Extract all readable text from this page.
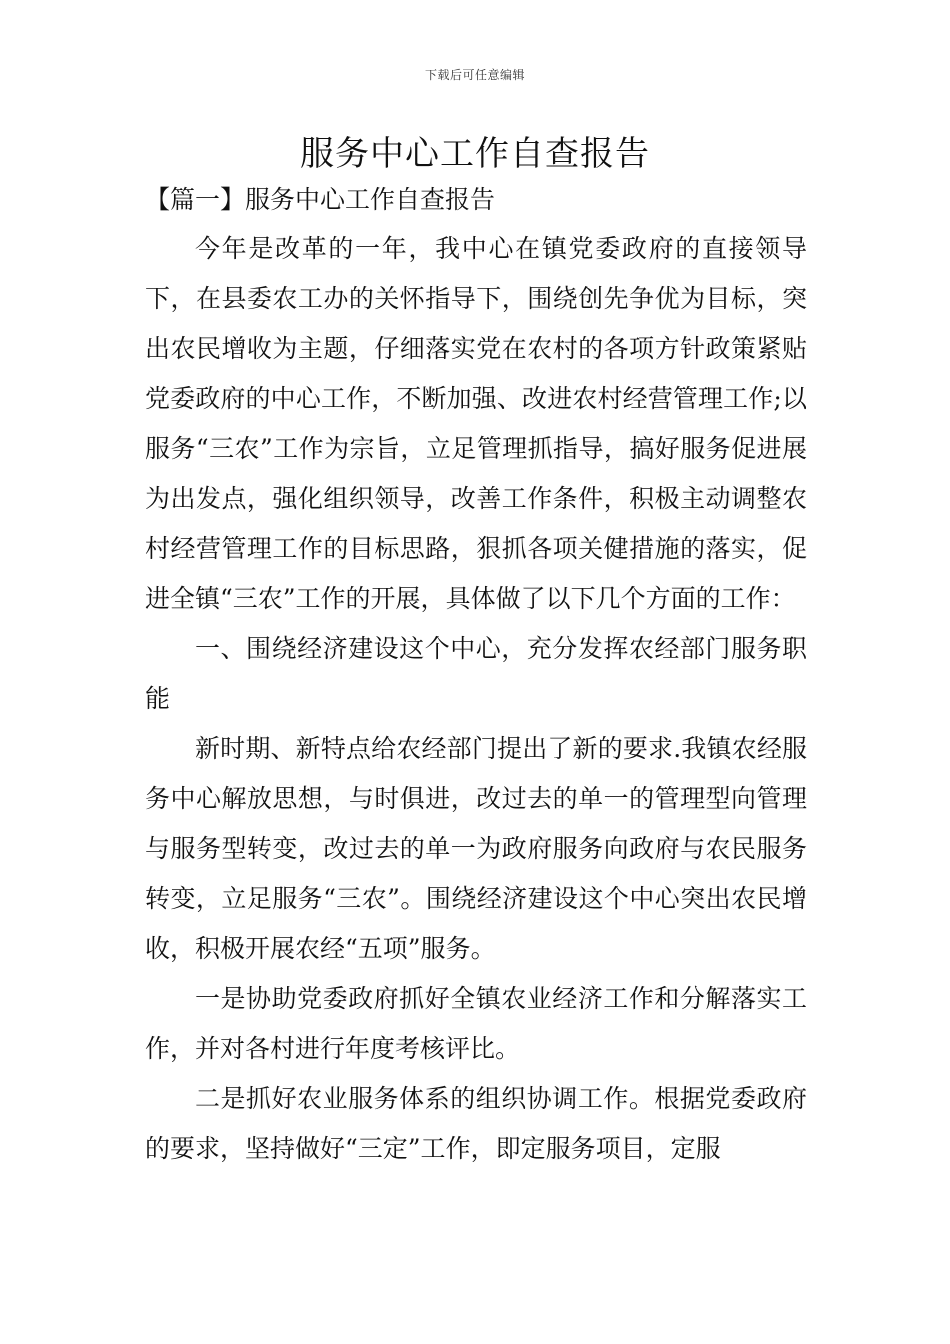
下载后可任意编辑
服务中心工作自查报告

【篇一】服务中心工作自查报告

今年是改革的一年，我中心在镇党委政府的直接领导下，在县委农工办的关怀指导下，围绕创先争优为目标，突出农民增收为主题，仔细落实党在农村的各项方针政策紧贴党委政府的中心工作，不断加强、改进农村经营管理工作;以服务“三农”工作为宗旨，立足管理抓指导，搞好服务促进展为出发点，强化组织领导，改善工作条件，积极主动调整农村经营管理工作的目标思路，狠抓各项关健措施的落实，促进全镇“三农”工作的开展，具体做了以下几个方面的工作：

一、围绕经济建设这个中心，充分发挥农经部门服务职能

新时期、新特点给农经部门提出了新的要求.我镇农经服务中心解放思想，与时俱进，改过去的单一的管理型向管理与服务型转变，改过去的单一为政府服务向政府与农民服务转变，立足服务“三农”。围绕经济建设这个中心突出农民增收，积极开展农经“五项”服务。

一是协助党委政府抓好全镇农业经济工作和分解落实工作，并对各村进行年度考核评比。

二是抓好农业服务体系的组织协调工作。根据党委政府的要求，坚持做好“三定”工作，即定服务项目，定服
